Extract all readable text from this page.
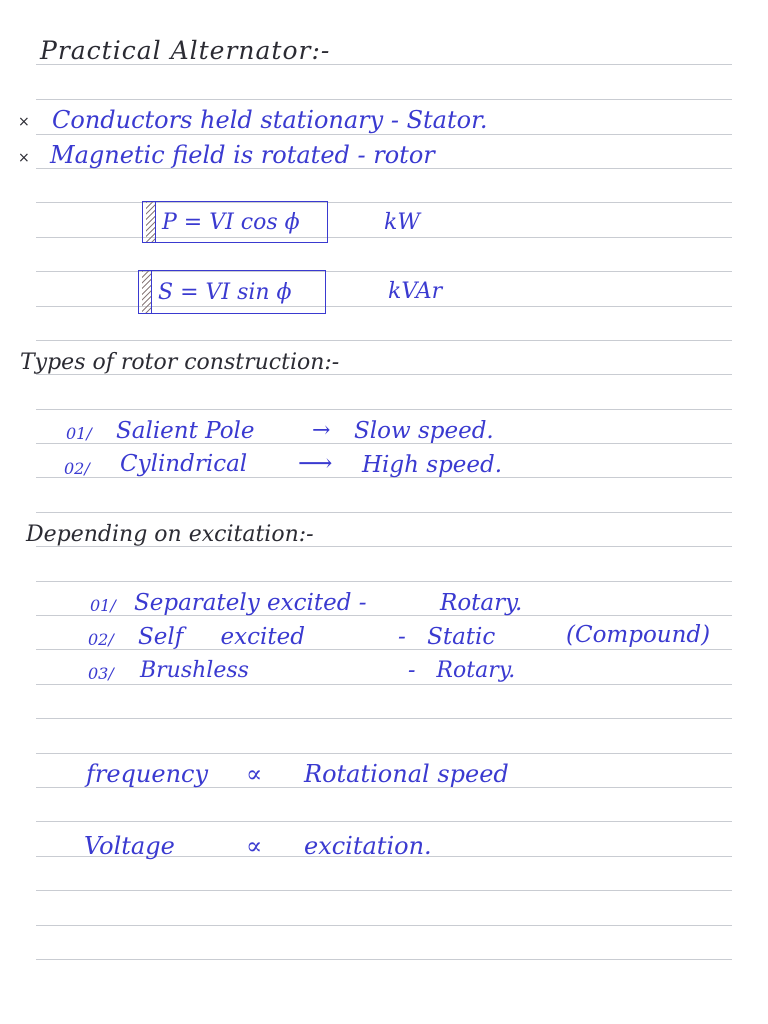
Practical Alternator:-
× Conductors held stationary - Stator.
× Magnetic field is rotated - rotor
P = VI cos ϕ	kW
S = VI sin ϕ	kVAr
Types of rotor construction:-
01/ Salient Pole	→ Slow speed.
02/ Cylindrical ⟶ High speed.
Depending on excitation:-
01/ Separately excited -	Rotary.
02/ Self excited	- Static	(Compound)
03/ Brushless	- Rotary.
frequency ∝ Rotational speed
Voltage	∝ excitation.
